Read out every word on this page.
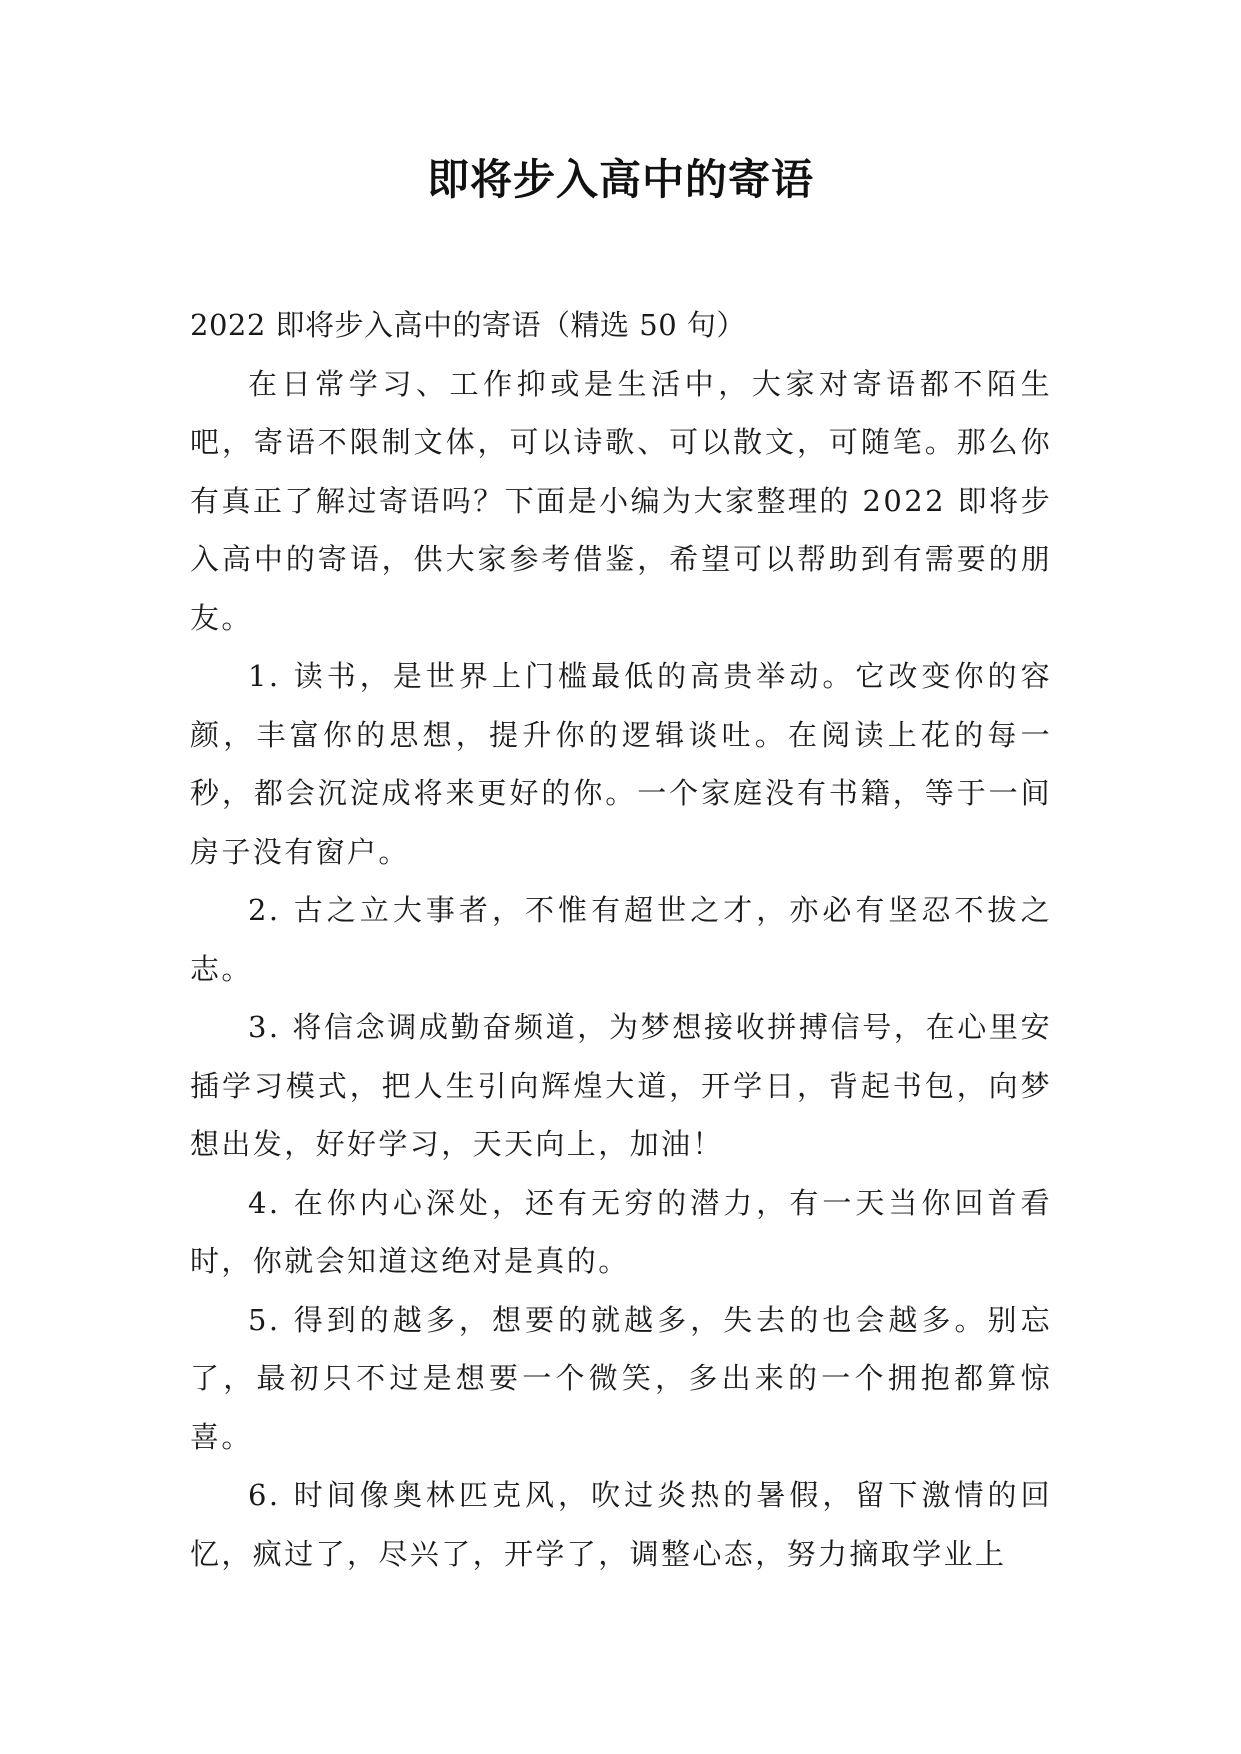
即将步入高中的寄语

2022 即将步入高中的寄语（精选 50 句）

在日常学习、工作抑或是生活中，大家对寄语都不陌生吧，寄语不限制文体，可以诗歌、可以散文，可随笔。那么你有真正了解过寄语吗？下面是小编为大家整理的 2022 即将步入高中的寄语，供大家参考借鉴，希望可以帮助到有需要的朋友。

1. 读书，是世界上门槛最低的高贵举动。它改变你的容颜，丰富你的思想，提升你的逻辑谈吐。在阅读上花的每一秒，都会沉淀成将来更好的你。一个家庭没有书籍，等于一间房子没有窗户。

2. 古之立大事者，不惟有超世之才，亦必有坚忍不拔之志。

3. 将信念调成勤奋频道，为梦想接收拼搏信号，在心里安插学习模式，把人生引向辉煌大道，开学日，背起书包，向梦想出发，好好学习，天天向上，加油！

4. 在你内心深处，还有无穷的潜力，有一天当你回首看时，你就会知道这绝对是真的。

5. 得到的越多，想要的就越多，失去的也会越多。别忘了，最初只不过是想要一个微笑，多出来的一个拥抱都算惊喜。

6. 时间像奥林匹克风，吹过炎热的暑假，留下激情的回忆，疯过了，尽兴了，开学了，调整心态，努力摘取学业上
